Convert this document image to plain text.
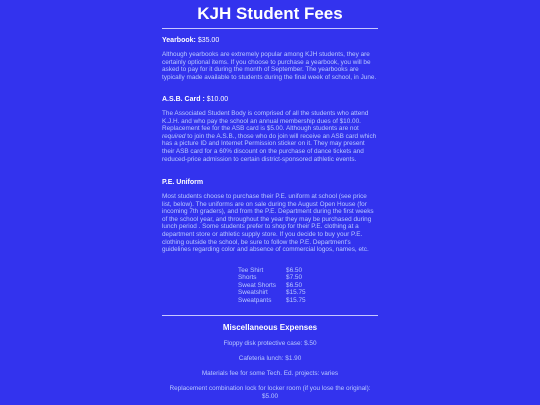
KJH Student Fees
Yearbook: $35.00

Although yearbooks are extremely popular among KJH students, they are certainly optional items. If you choose to purchase a yearbook, you will be asked to pay for it during the month of September. The yearbooks are typically made available to students during the final week of school, in June.

A.S.B. Card : $10.00

The Associated Student Body is comprised of all the students who attend K.J.H. and who pay the school an annual membership dues of $10.00. Replacement fee for the ASB card is $5.00. Although students are not required to join the A.S.B., those who do join will receive an ASB card which has a picture ID and Internet Permission sticker on it. They may present their ASB card for a 60% discount on the purchase of dance tickets and reduced-price admission to certain district-sponsored athletic events.

P.E. Uniform

Most students choose to purchase their P.E. uniform at school (see price list, below). The uniforms are on sale during the August Open House (for incoming 7th graders), and from the P.E. Department during the first weeks of the school year, and throughout the year they may be purchased during lunch period . Some students prefer to shop for their P.E. clothing at a department store or athletic supply store. If you decide to buy your P.E. clothing outside the school, be sure to follow the P.E. Department's guidelines regarding color and absence of commercial logos, names, etc.

Tee Shirt	$6.50
Shorts	$7.50
Sweat Shorts	$6.50
Sweatshirt	$15.75
Sweatpants	$15.75
Miscellaneous Expenses
Floppy disk protective case: $.50
Cafeteria lunch: $1.90
Materials fee for some Tech. Ed. projects: varies
Replacement combination lock for locker room (if you lose the original): $5.00
